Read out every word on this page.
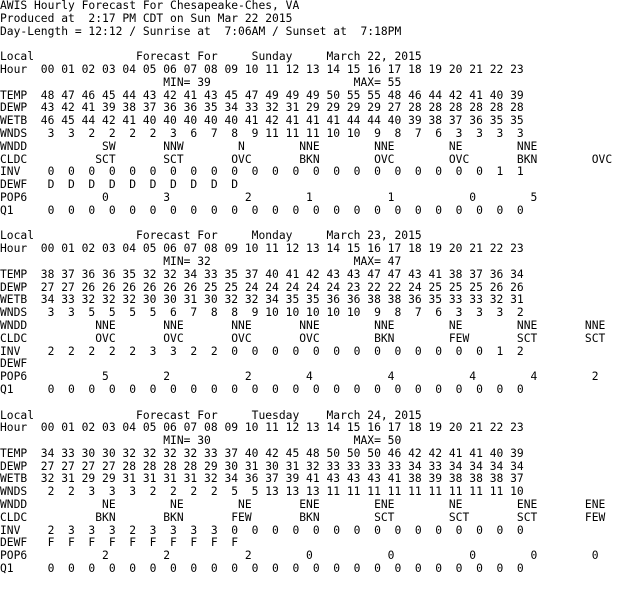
AWIS Hourly Forecast For Chesapeake-Ches, VA
Produced at  2:17 PM CDT on Sun Mar 22 2015
Day-Length = 12:12 / Sunrise at  7:06AM / Sunset at  7:18PM
Local               Forecast For     Sunday     March 22, 2015
Hour  00 01 02 03 04 05 06 07 08 09 10 11 12 13 14 15 16 17 18 19 20 21 22 23
MIN= 39                     MAX= 55
TEMP  48 47 46 45 44 43 42 41 43 45 47 49 49 49 50 55 55 48 46 44 42 41 40 39
DEWP  43 42 41 39 38 37 36 36 35 34 33 32 31 29 29 29 29 27 28 28 28 28 28 28
WETB  46 45 44 42 41 40 40 40 40 40 41 42 41 41 41 44 44 40 39 38 37 36 35 35
WNDS   3  3  2  2  2  2  3  6  7  8  9 11 11 11 10 10  9  8  7  6  3  3  3  3
WNDD           SW       NNW        N        NNE        NNE        NE        NNE
CLDC          SCT       SCT       OVC       BKN        OVC        OVC       BKN        OVC
INV    0  0  0  0  0  0  0  0  0  0  0  0  0  0  0  0  0  0  0  0  0  0  1  1
DEWF   D  D  D  D  D  D  D  D  D  D
POP6           0        3           2        1           1           0        5
Q1     0  0  0  0  0  0  0  0  0  0  0  0  0  0  0  0  0  0  0  0  0  0  0  0
Local               Forecast For     Monday     March 23, 2015
Hour  00 01 02 03 04 05 06 07 08 09 10 11 12 13 14 15 16 17 18 19 20 21 22 23
MIN= 32                     MAX= 47
TEMP  38 37 36 36 35 32 32 34 33 35 37 40 41 42 43 43 47 47 43 41 38 37 36 34
DEWP  27 27 26 26 26 26 26 26 25 25 24 24 24 24 24 23 22 22 24 25 25 25 26 26
WETB  34 33 32 32 32 30 30 31 30 32 32 34 35 35 36 36 38 38 36 35 33 33 32 31
WNDS   3  3  5  5  5  5  6  7  8  8  9 10 10 10 10 10  9  8  7  6  3  3  3  2
WNDD          NNE       NNE       NNE       NNE        NNE        NE        NNE       NNE
CLDC          OVC       OVC       OVC       OVC        BKN        FEW       SCT       SCT
INV    2  2  2  2  2  3  3  2  2  0  0  0  0  0  0  0  0  0  0  0  0  0  1  2
DEWF
POP6           5        2           2        4           4           4        4        2
Q1     0  0  0  0  0  0  0  0  0  0  0  0  0  0  0  0  0  0  0  0  0  0  0  0
Local               Forecast For     Tuesday    March 24, 2015
Hour  00 01 02 03 04 05 06 07 08 09 10 11 12 13 14 15 16 17 18 19 20 21 22 23
MIN= 30                     MAX= 50
TEMP  34 33 30 30 32 32 32 32 33 37 40 42 45 48 50 50 50 46 42 42 41 41 40 39
DEWP  27 27 27 27 28 28 28 28 29 30 31 30 31 32 33 33 33 33 34 33 34 34 34 34
WETB  32 31 29 29 31 31 31 31 32 34 36 37 39 41 43 43 43 41 38 39 38 38 38 37
WNDS   2  2  3  3  3  2  2  2  2  5  5 13 13 13 11 11 11 11 11 11 11 11 11 10
WNDD           NE        NE        NE       ENE        ENE        NE        ENE       ENE
CLDC          BKN       BKN       FEW       BKN        SCT        SCT       SCT       FEW
INV    2  3  3  3  2  3  3  3  3  0  0  0  0  0  0  0  0  0  0  0  0  0  0  0
DEWF   F  F  F  F  F  F  F  F  F  F
POP6           2        2           2        0           0           0        0        0
Q1     0  0  0  0  0  0  0  0  0  0  0  0  0  0  0  0  0  0  0  0  0  0  0  0
